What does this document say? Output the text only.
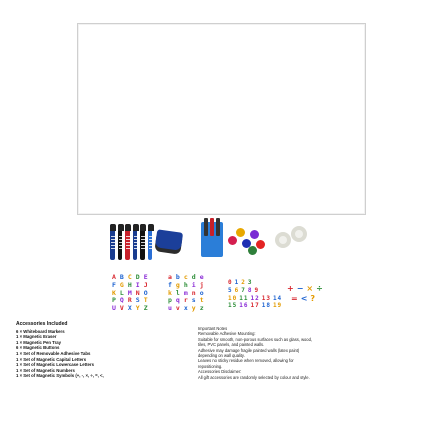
A B C D E
F G H I J
K L M N O
P Q R S T
U V X Y Z
a b c d e
f g h i j
k l m n o
p q r s t
u v x y z
0 1 2 3
5 6 7 8 9
10 11 12 13 14
15 16 17 18 19
+ − × ÷
= < ?
Accessories Included
6 × Whiteboard Markers
1 × Magnetic Eraser
1 × Magnetic Pen Tray
6 × Magnetic Buttons
1 × Set of Removable Adhesive Tabs
1 × Set of Magnetic Capital Letters
1 × Set of Magnetic Lowercase Letters
1 × Set of Magnetic Numbers
1 × Set of Magnetic Symbols (+, -, ×, ÷, =, <,
Important Notes
Removable Adhesive Mounting:
Suitable for smooth, non-porous surfaces such as glass, wood,
tiles, PVC panels, and painted walls.
Adhesive may damage fragile painted walls (latex paint)
depending on wall quality.
Leaves no sticky residue when removed, allowing for
repositioning.
Accessories Disclaimer:
All gift accessories are randomly selected by colour and style.
